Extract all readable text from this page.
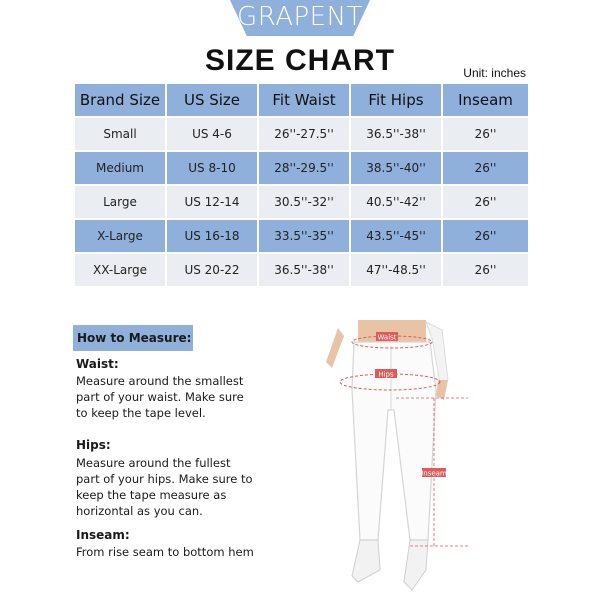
GRAPENT
SIZE CHART	Unit: inches
Brand Size	US Size	Fit Waist	Fit Hips	Inseam
Small	US 4-6	26''-27.5''	36.5''-38''	26''
Medium	US 8-10	28''-29.5''	38.5''-40''	26''
Large	US 12-14	30.5''-32''	40.5''-42''	26''
X-Large	US 16-18	33.5''-35''	43.5''-45''	26''
XX-Large	US 20-22	36.5''-38''	47''-48.5''	26''
How to Measure:
Waist:
Measure around the smallest part of your waist. Make sure to keep the tape level.
Hips:
Measure around the fullest part of your hips. Make sure to keep the tape measure as horizontal as you can.
Inseam:
From rise seam to bottom hem
Waist
Hips
Inseam
